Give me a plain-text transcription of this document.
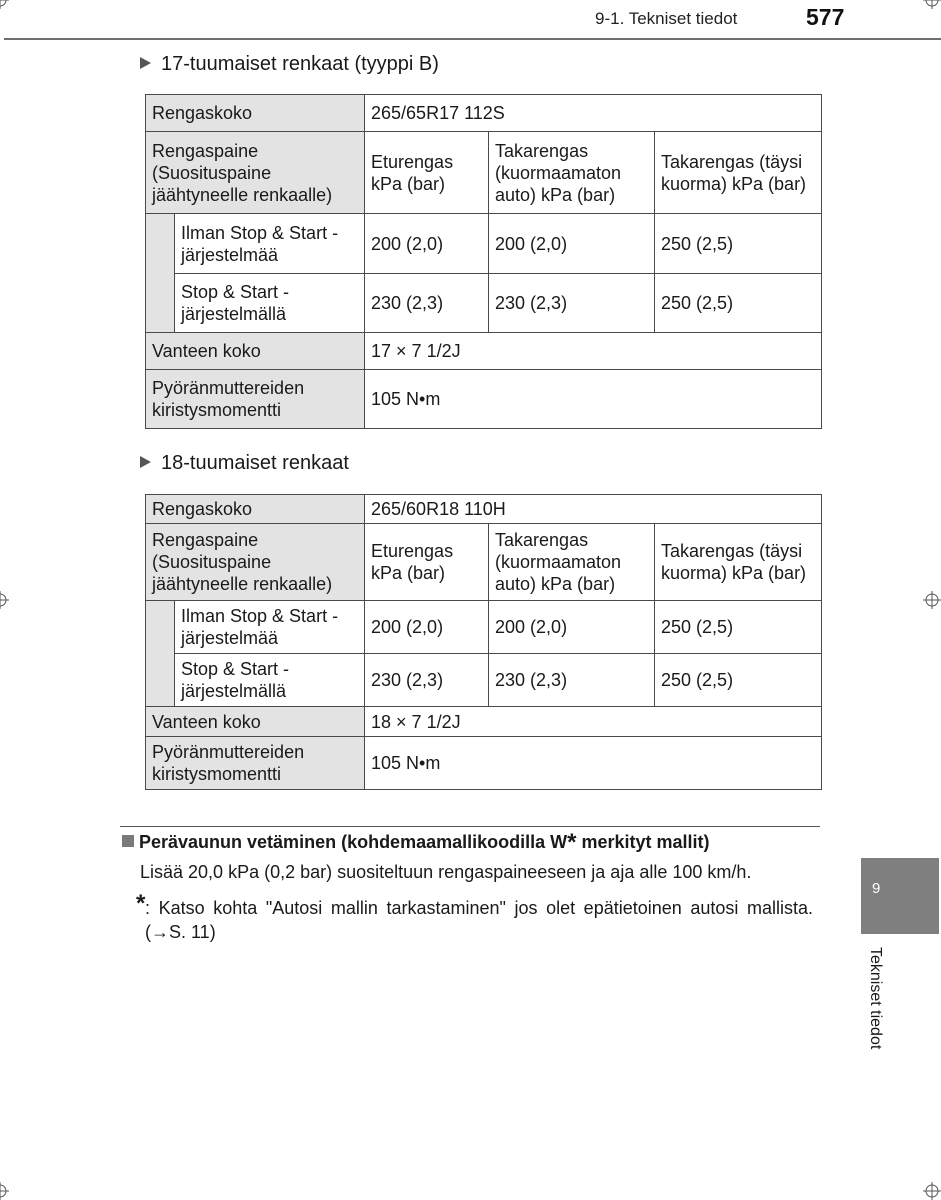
9-1. Tekniset tiedot	577
17-tuumaiset renkaat (tyyppi B)
Rengaskoko		265/65R17 112S		
Rengaspaine (Suosituspaine jäähtyneelle renkaalle)		Eturengas kPa (bar)	Takarengas (kuormaamaton auto) kPa (bar)	Takarengas (täysi kuorma) kPa (bar)
	Ilman Stop & Start -järjestelmää	200 (2,0)	200 (2,0)	250 (2,5)
	Stop & Start -järjestelmällä	230 (2,3)	230 (2,3)	250 (2,5)
Vanteen koko		17 × 7 1/2J		
Pyöränmuttereiden kiristysmomentti		105 N•m		
18-tuumaiset renkaat
Rengaskoko		265/60R18 110H		
Rengaspaine (Suosituspaine jäähtyneelle renkaalle)		Eturengas kPa (bar)	Takarengas (kuormaamaton auto) kPa (bar)	Takarengas (täysi kuorma) kPa (bar)
	Ilman Stop & Start -järjestelmää	200 (2,0)	200 (2,0)	250 (2,5)
	Stop & Start -järjestelmällä	230 (2,3)	230 (2,3)	250 (2,5)
Vanteen koko		18 × 7 1/2J		
Pyöränmuttereiden kiristysmomentti		105 N•m		
Perävaunun vetäminen (kohdemaamallikoodilla W* merkityt mallit)
Lisää 20,0 kPa (0,2 bar) suositeltuun rengaspaineeseen ja aja alle 100 km/h.
* : Katso kohta "Autosi mallin tarkastaminen" jos olet epätietoinen autosi mallista. (→S. 11)
9
Tekniset tiedot
